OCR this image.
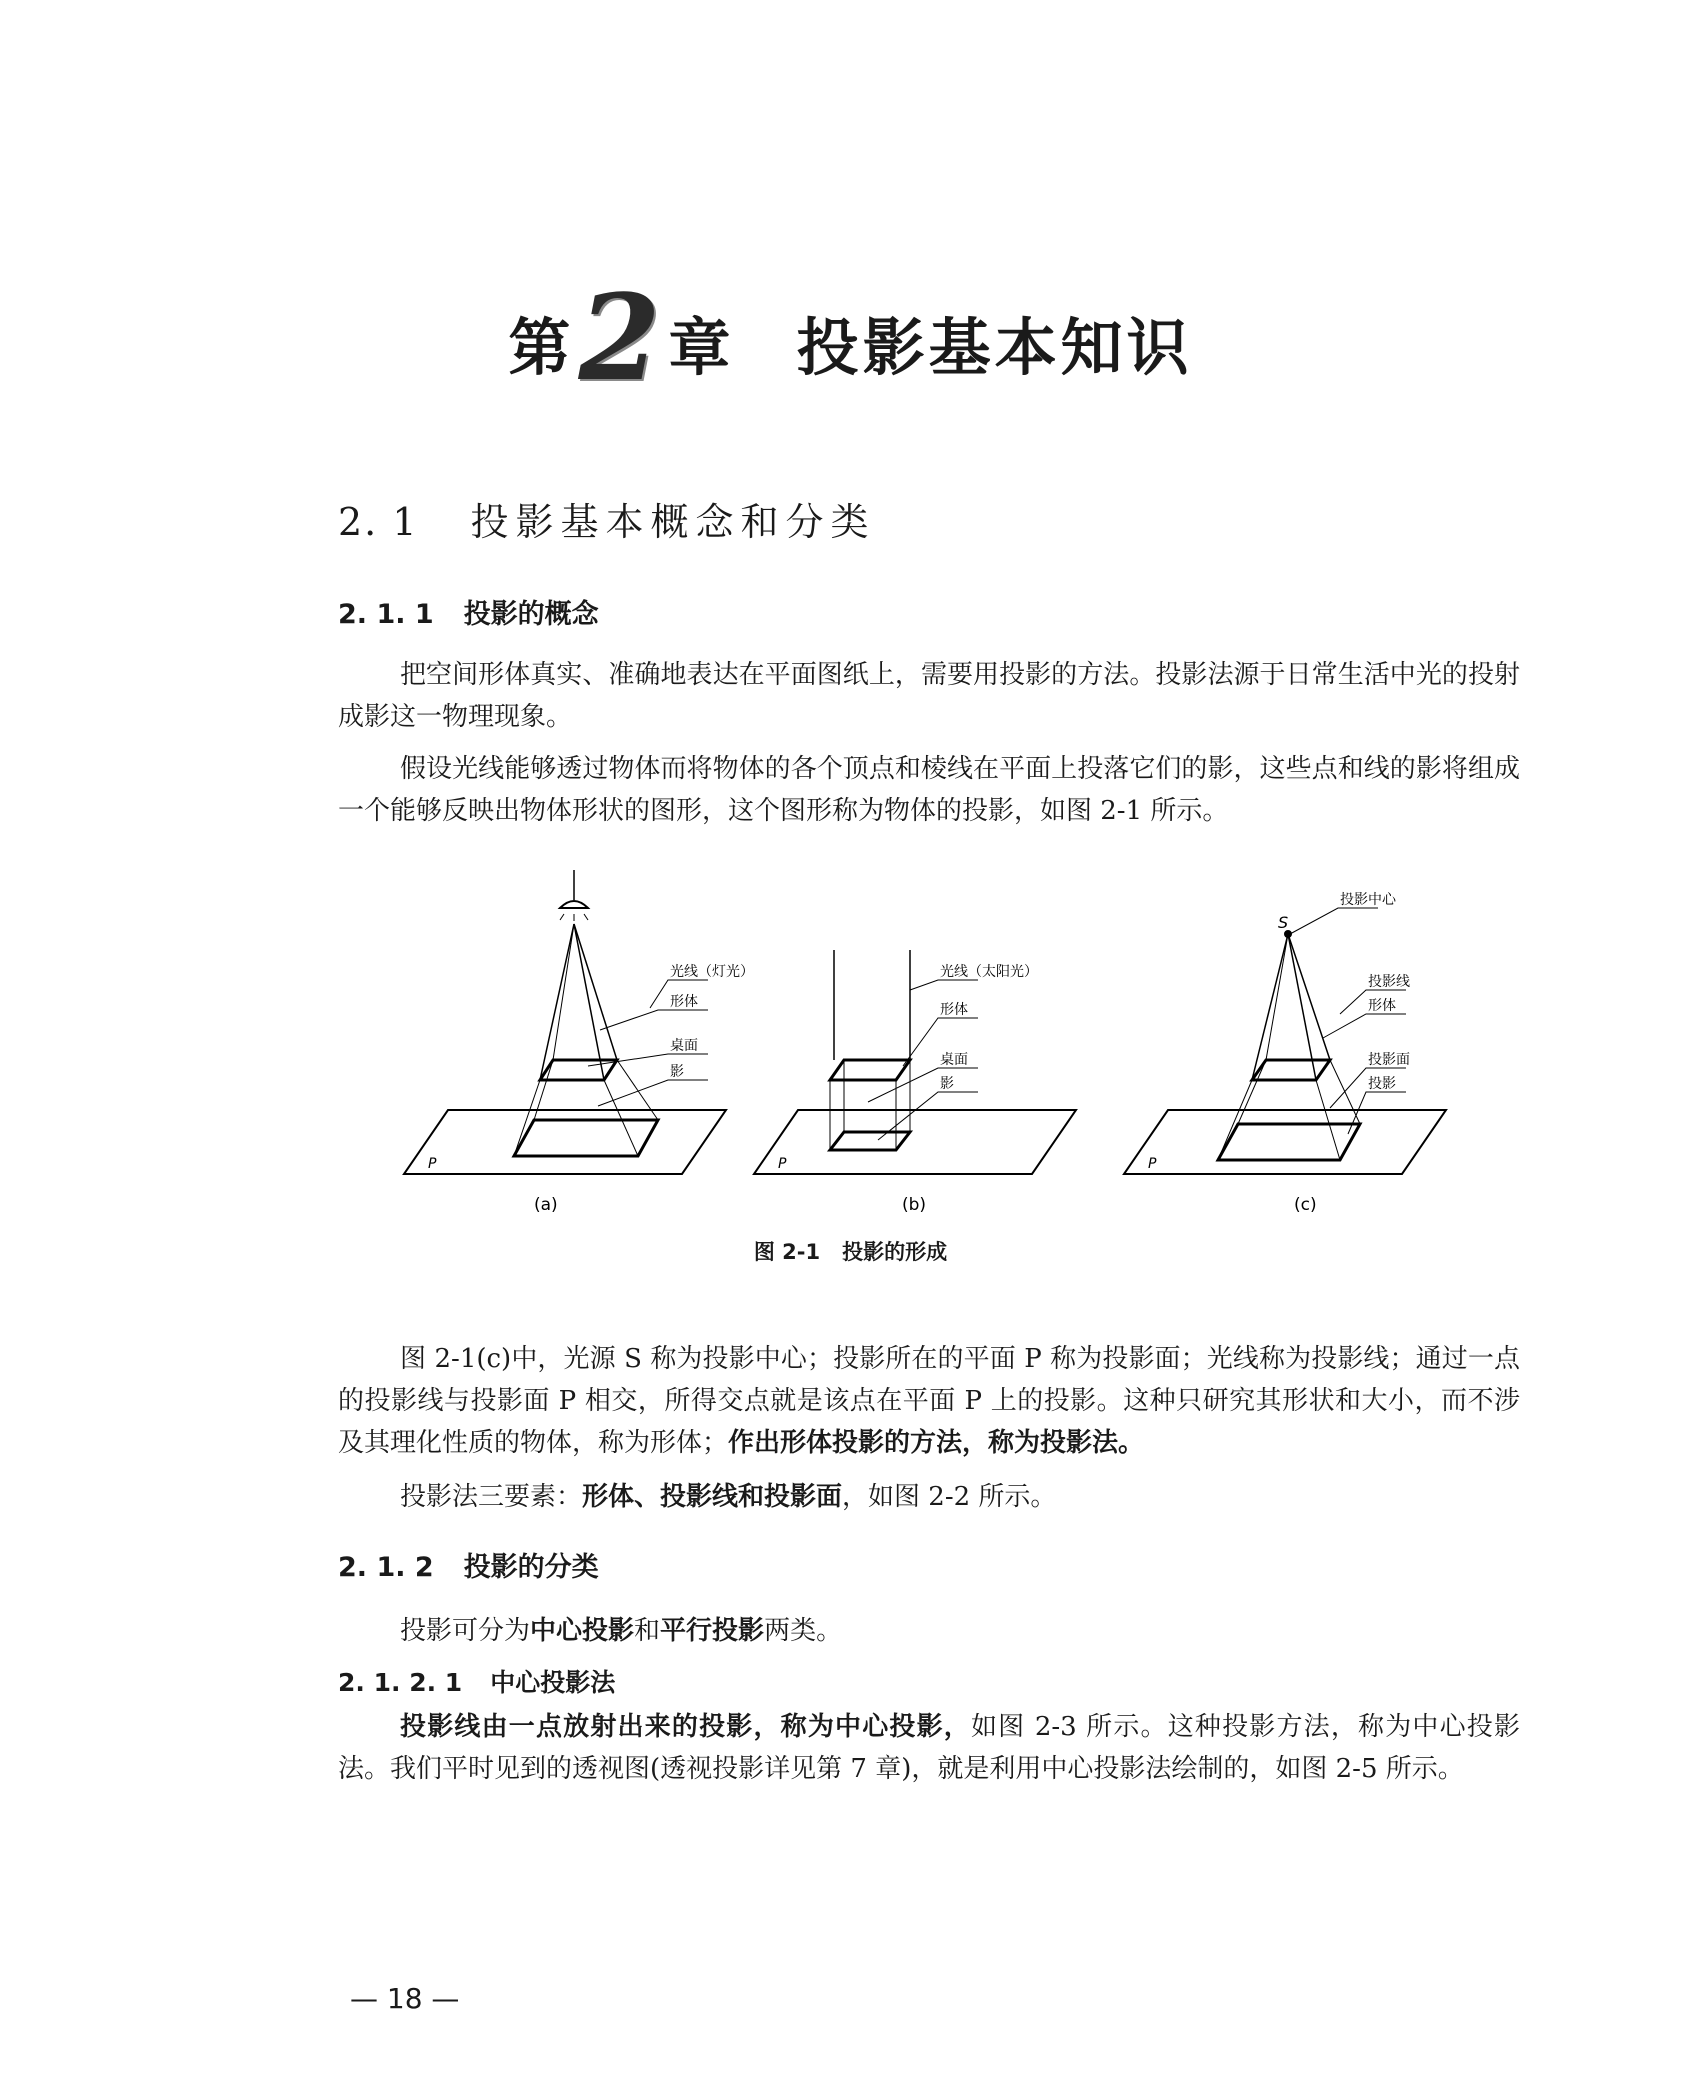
第2章 投影基本知识
2. 1 投影基本概念和分类
2. 1. 1 投影的概念
把空间形体真实、准确地表达在平面图纸上，需要用投影的方法。投影法源于日常生活中光的投射成影这一物理现象。
假设光线能够透过物体而将物体的各个顶点和棱线在平面上投落它们的影，这些点和线的影将组成一个能够反映出物体形状的图形，这个图形称为物体的投影，如图 2-1 所示。
光线（灯光）
形体
桌面
影
P
(a)
光线（太阳光）
形体
桌面
影
P
(b)
投影中心
投影线
形体
投影面
投影
S
P
(c)
图 2-1 投影的形成
图 2-1(c)中，光源 S 称为投影中心；投影所在的平面 P 称为投影面；光线称为投影线；通过一点的投影线与投影面 P 相交，所得交点就是该点在平面 P 上的投影。这种只研究其形状和大小，而不涉及其理化性质的物体，称为形体；作出形体投影的方法，称为投影法。
投影法三要素：形体、投影线和投影面，如图 2-2 所示。
2. 1. 2 投影的分类
投影可分为中心投影和平行投影两类。
2. 1. 2. 1 中心投影法
投影线由一点放射出来的投影，称为中心投影，如图 2-3 所示。这种投影方法，称为中心投影法。我们平时见到的透视图(透视投影详见第 7 章)，就是利用中心投影法绘制的，如图 2-5 所示。
— 18 —
